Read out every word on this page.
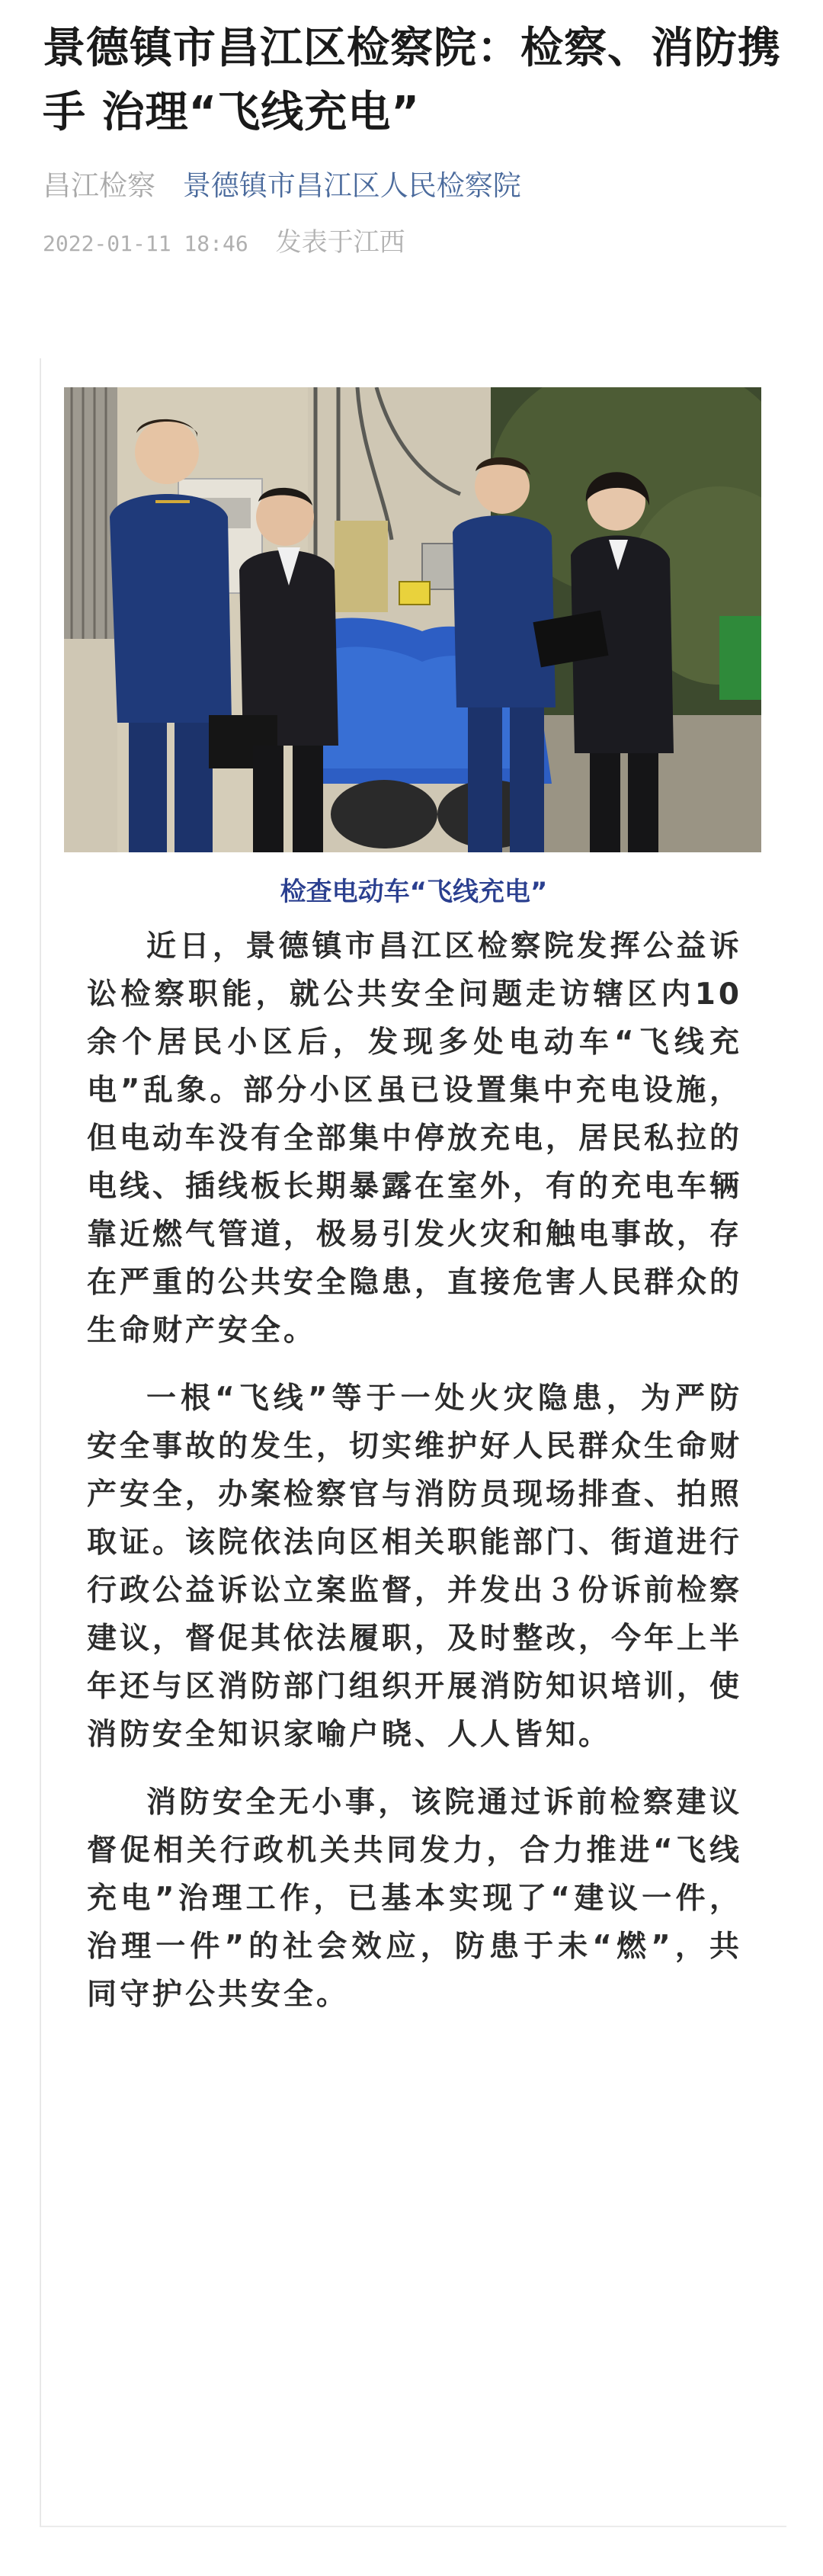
景德镇市昌江区检察院：检察、消防携手 治理“飞线充电”
昌江检察 景德镇市昌江区人民检察院
2022-01-11 18:46 发表于江西
检查电动车“飞线充电”

近日，景德镇市昌江区检察院发挥公益诉讼检察职能，就公共安全问题走访辖区内10余个居民小区后，发现多处电动车“飞线充电”乱象。部分小区虽已设置集中充电设施，但电动车没有全部集中停放充电，居民私拉的电线、插线板长期暴露在室外，有的充电车辆靠近燃气管道，极易引发火灾和触电事故，存在严重的公共安全隐患，直接危害人民群众的生命财产安全。

一根“飞线”等于一处火灾隐患，为严防安全事故的发生，切实维护好人民群众生命财产安全，办案检察官与消防员现场排查、拍照取证。该院依法向区相关职能部门、街道进行行政公益诉讼立案监督，并发出３份诉前检察建议，督促其依法履职，及时整改，今年上半年还与区消防部门组织开展消防知识培训，使消防安全知识家喻户晓、人人皆知。

消防安全无小事，该院通过诉前检察建议督促相关行政机关共同发力，合力推进“飞线充电”治理工作，已基本实现了“建议一件，治理一件”的社会效应，防患于未“燃”，共同守护公共安全。
